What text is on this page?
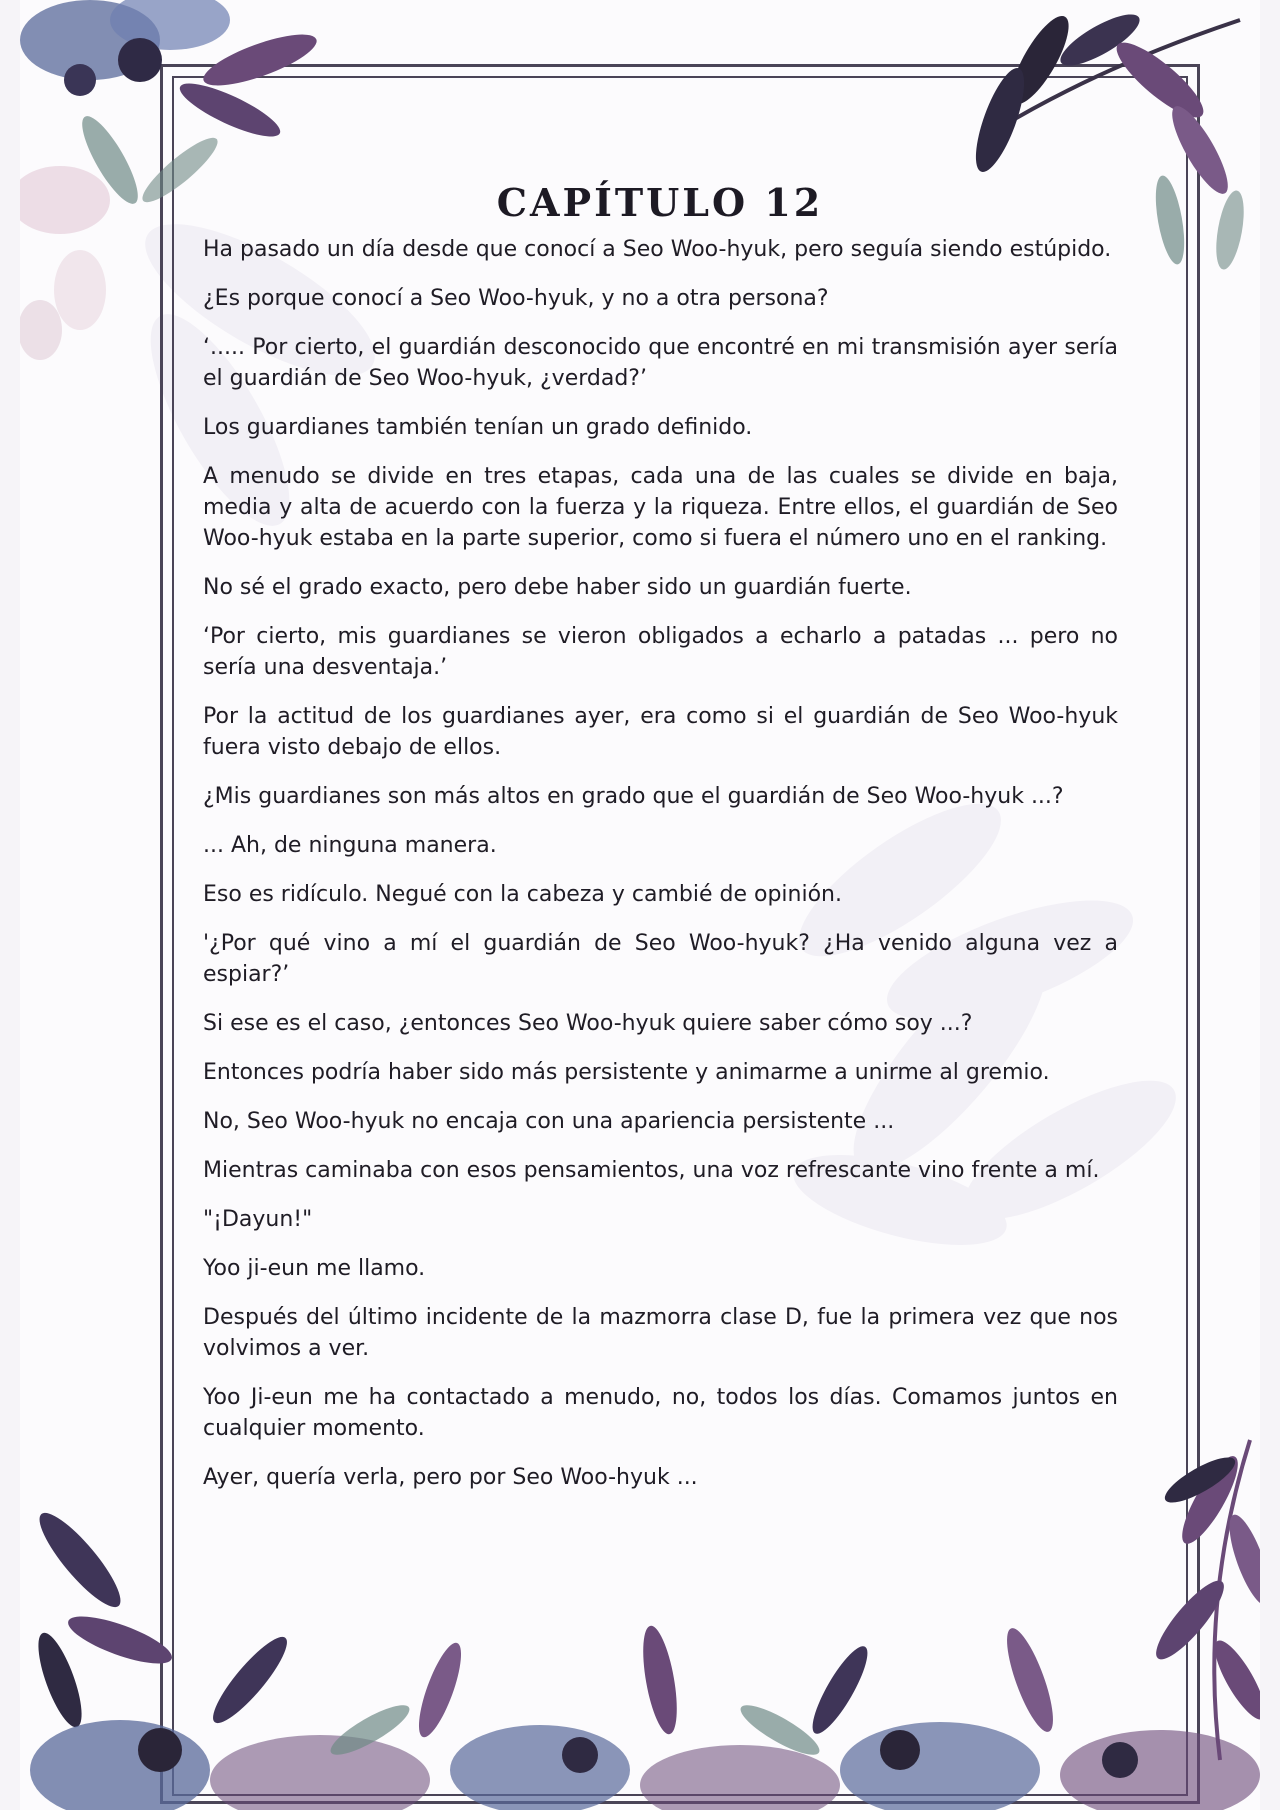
CAPÍTULO 12

Ha pasado un día desde que conocí a Seo Woo-hyuk, pero seguía siendo estúpido.

¿Es porque conocí a Seo Woo-hyuk, y no a otra persona?

‘..... Por cierto, el guardián desconocido que encontré en mi transmisión ayer sería el guardián de Seo Woo-hyuk, ¿verdad?’

Los guardianes también tenían un grado definido.

A menudo se divide en tres etapas, cada una de las cuales se divide en baja, media y alta de acuerdo con la fuerza y la riqueza. Entre ellos, el guardián de Seo Woo-hyuk estaba en la parte superior, como si fuera el número uno en el ranking.

No sé el grado exacto, pero debe haber sido un guardián fuerte.

‘Por cierto, mis guardianes se vieron obligados a echarlo a patadas ... pero no sería una desventaja.’

Por la actitud de los guardianes ayer, era como si el guardián de Seo Woo-hyuk fuera visto debajo de ellos.

¿Mis guardianes son más altos en grado que el guardián de Seo Woo-hyuk ...?

... Ah, de ninguna manera.

Eso es ridículo. Negué con la cabeza y cambié de opinión.

'¿Por qué vino a mí el guardián de Seo Woo-hyuk? ¿Ha venido alguna vez a espiar?’

Si ese es el caso, ¿entonces Seo Woo-hyuk quiere saber cómo soy ...?

Entonces podría haber sido más persistente y animarme a unirme al gremio.

No, Seo Woo-hyuk no encaja con una apariencia persistente ...

Mientras caminaba con esos pensamientos, una voz refrescante vino frente a mí.

"¡Dayun!"

Yoo ji-eun me llamo.

Después del último incidente de la mazmorra clase D, fue la primera vez que nos volvimos a ver.

Yoo Ji-eun me ha contactado a menudo, no, todos los días. Comamos juntos en cualquier momento.

Ayer, quería verla, pero por Seo Woo-hyuk ...
